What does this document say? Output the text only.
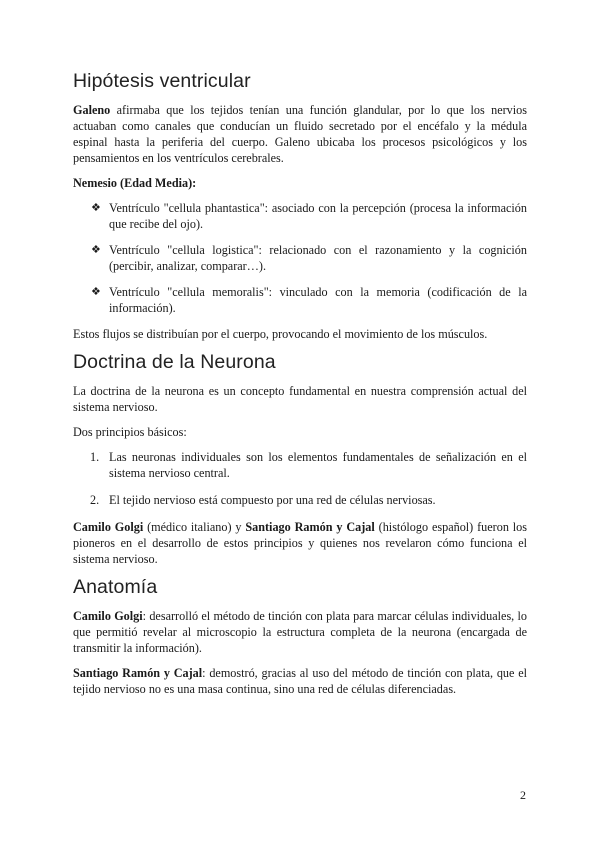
Hipótesis ventricular

Galeno afirmaba que los tejidos tenían una función glandular, por lo que los nervios actuaban como canales que conducían un fluido secretado por el encéfalo y la médula espinal hasta la periferia del cuerpo. Galeno ubicaba los procesos psicológicos y los pensamientos en los ventrículos cerebrales.

Nemesio (Edad Media):

❖ Ventrículo "cellula phantastica": asociado con la percepción (procesa la información que recibe del ojo).
❖ Ventrículo "cellula logistica": relacionado con el razonamiento y la cognición (percibir, analizar, comparar…).
❖ Ventrículo "cellula memoralis": vinculado con la memoria (codificación de la información).

Estos flujos se distribuían por el cuerpo, provocando el movimiento de los músculos.

Doctrina de la Neurona

La doctrina de la neurona es un concepto fundamental en nuestra comprensión actual del sistema nervioso.

Dos principios básicos:

1. Las neuronas individuales son los elementos fundamentales de señalización en el sistema nervioso central.
2. El tejido nervioso está compuesto por una red de células nerviosas.

Camilo Golgi (médico italiano) y Santiago Ramón y Cajal (histólogo español) fueron los pioneros en el desarrollo de estos principios y quienes nos revelaron cómo funciona el sistema nervioso.

Anatomía

Camilo Golgi: desarrolló el método de tinción con plata para marcar células individuales, lo que permitió revelar al microscopio la estructura completa de la neurona (encargada de transmitir la información).

Santiago Ramón y Cajal: demostró, gracias al uso del método de tinción con plata, que el tejido nervioso no es una masa continua, sino una red de células diferenciadas.

2
